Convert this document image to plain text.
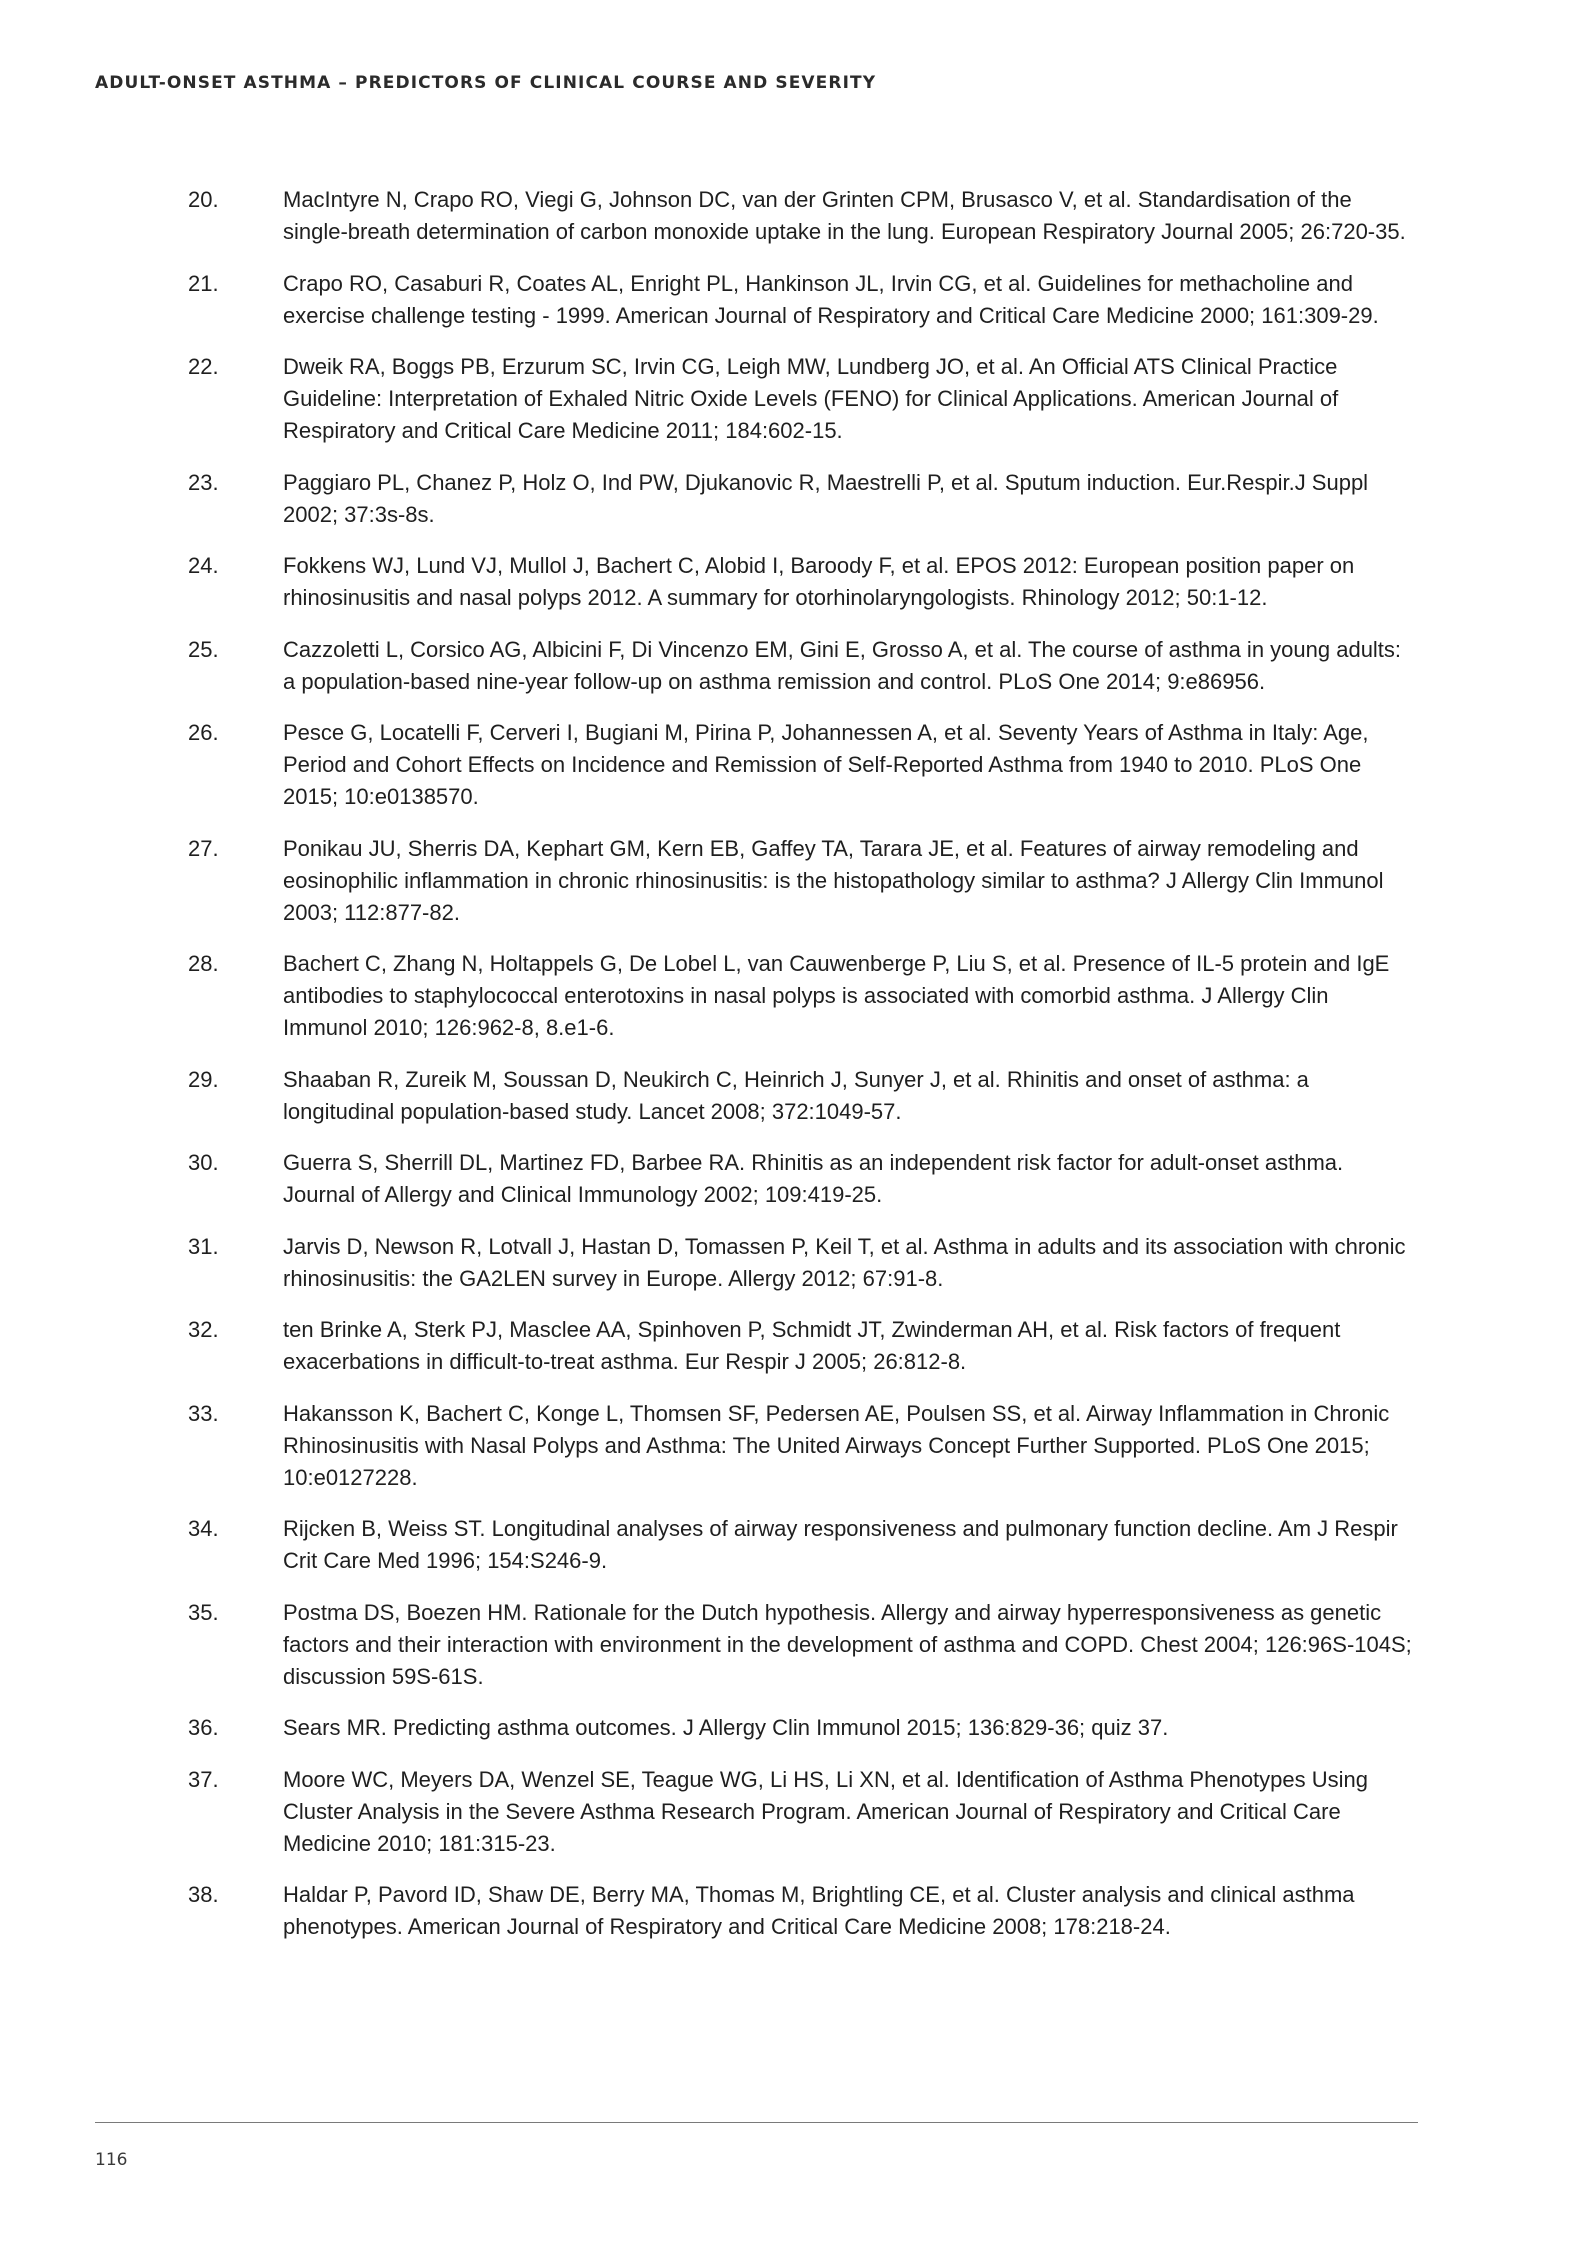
ADULT-ONSET ASTHMA – PREDICTORS OF CLINICAL COURSE AND SEVERITY
20.	MacIntyre N, Crapo RO, Viegi G, Johnson DC, van der Grinten CPM, Brusasco V, et al. Standardisation of the single-breath determination of carbon monoxide uptake in the lung. European Respiratory Journal 2005; 26:720-35.
21.	Crapo RO, Casaburi R, Coates AL, Enright PL, Hankinson JL, Irvin CG, et al. Guidelines for methacholine and exercise challenge testing - 1999. American Journal of Respiratory and Critical Care Medicine 2000; 161:309-29.
22.	Dweik RA, Boggs PB, Erzurum SC, Irvin CG, Leigh MW, Lundberg JO, et al. An Official ATS Clinical Practice Guideline: Interpretation of Exhaled Nitric Oxide Levels (FENO) for Clinical Applications. American Journal of Respiratory and Critical Care Medicine 2011; 184:602-15.
23.	Paggiaro PL, Chanez P, Holz O, Ind PW, Djukanovic R, Maestrelli P, et al. Sputum induction. Eur.Respir.J Suppl 2002; 37:3s-8s.
24.	Fokkens WJ, Lund VJ, Mullol J, Bachert C, Alobid I, Baroody F, et al. EPOS 2012: European position paper on rhinosinusitis and nasal polyps 2012. A summary for otorhinolaryngologists. Rhinology 2012; 50:1-12.
25.	Cazzoletti L, Corsico AG, Albicini F, Di Vincenzo EM, Gini E, Grosso A, et al. The course of asthma in young adults: a population-based nine-year follow-up on asthma remission and control. PLoS One 2014; 9:e86956.
26.	Pesce G, Locatelli F, Cerveri I, Bugiani M, Pirina P, Johannessen A, et al. Seventy Years of Asthma in Italy: Age, Period and Cohort Effects on Incidence and Remission of Self-Reported Asthma from 1940 to 2010. PLoS One 2015; 10:e0138570.
27.	Ponikau JU, Sherris DA, Kephart GM, Kern EB, Gaffey TA, Tarara JE, et al. Features of airway remodeling and eosinophilic inflammation in chronic rhinosinusitis: is the histopathology similar to asthma? J Allergy Clin Immunol 2003; 112:877-82.
28.	Bachert C, Zhang N, Holtappels G, De Lobel L, van Cauwenberge P, Liu S, et al. Presence of IL-5 protein and IgE antibodies to staphylococcal enterotoxins in nasal polyps is associated with comorbid asthma. J Allergy Clin Immunol 2010; 126:962-8, 8.e1-6.
29.	Shaaban R, Zureik M, Soussan D, Neukirch C, Heinrich J, Sunyer J, et al. Rhinitis and onset of asthma: a longitudinal population-based study. Lancet 2008; 372:1049-57.
30.	Guerra S, Sherrill DL, Martinez FD, Barbee RA. Rhinitis as an independent risk factor for adult-onset asthma. Journal of Allergy and Clinical Immunology 2002; 109:419-25.
31.	Jarvis D, Newson R, Lotvall J, Hastan D, Tomassen P, Keil T, et al. Asthma in adults and its association with chronic rhinosinusitis: the GA2LEN survey in Europe. Allergy 2012; 67:91-8.
32.	ten Brinke A, Sterk PJ, Masclee AA, Spinhoven P, Schmidt JT, Zwinderman AH, et al. Risk factors of frequent exacerbations in difficult-to-treat asthma. Eur Respir J 2005; 26:812-8.
33.	Hakansson K, Bachert C, Konge L, Thomsen SF, Pedersen AE, Poulsen SS, et al. Airway Inflammation in Chronic Rhinosinusitis with Nasal Polyps and Asthma: The United Airways Concept Further Supported. PLoS One 2015; 10:e0127228.
34.	Rijcken B, Weiss ST. Longitudinal analyses of airway responsiveness and pulmonary function decline. Am J Respir Crit Care Med 1996; 154:S246-9.
35.	Postma DS, Boezen HM. Rationale for the Dutch hypothesis. Allergy and airway hyperresponsiveness as genetic factors and their interaction with environment in the development of asthma and COPD. Chest 2004; 126:96S-104S; discussion 59S-61S.
36.	Sears MR. Predicting asthma outcomes. J Allergy Clin Immunol 2015; 136:829-36; quiz 37.
37.	Moore WC, Meyers DA, Wenzel SE, Teague WG, Li HS, Li XN, et al. Identification of Asthma Phenotypes Using Cluster Analysis in the Severe Asthma Research Program. American Journal of Respiratory and Critical Care Medicine 2010; 181:315-23.
38.	Haldar P, Pavord ID, Shaw DE, Berry MA, Thomas M, Brightling CE, et al. Cluster analysis and clinical asthma phenotypes. American Journal of Respiratory and Critical Care Medicine 2008; 178:218-24.
116
